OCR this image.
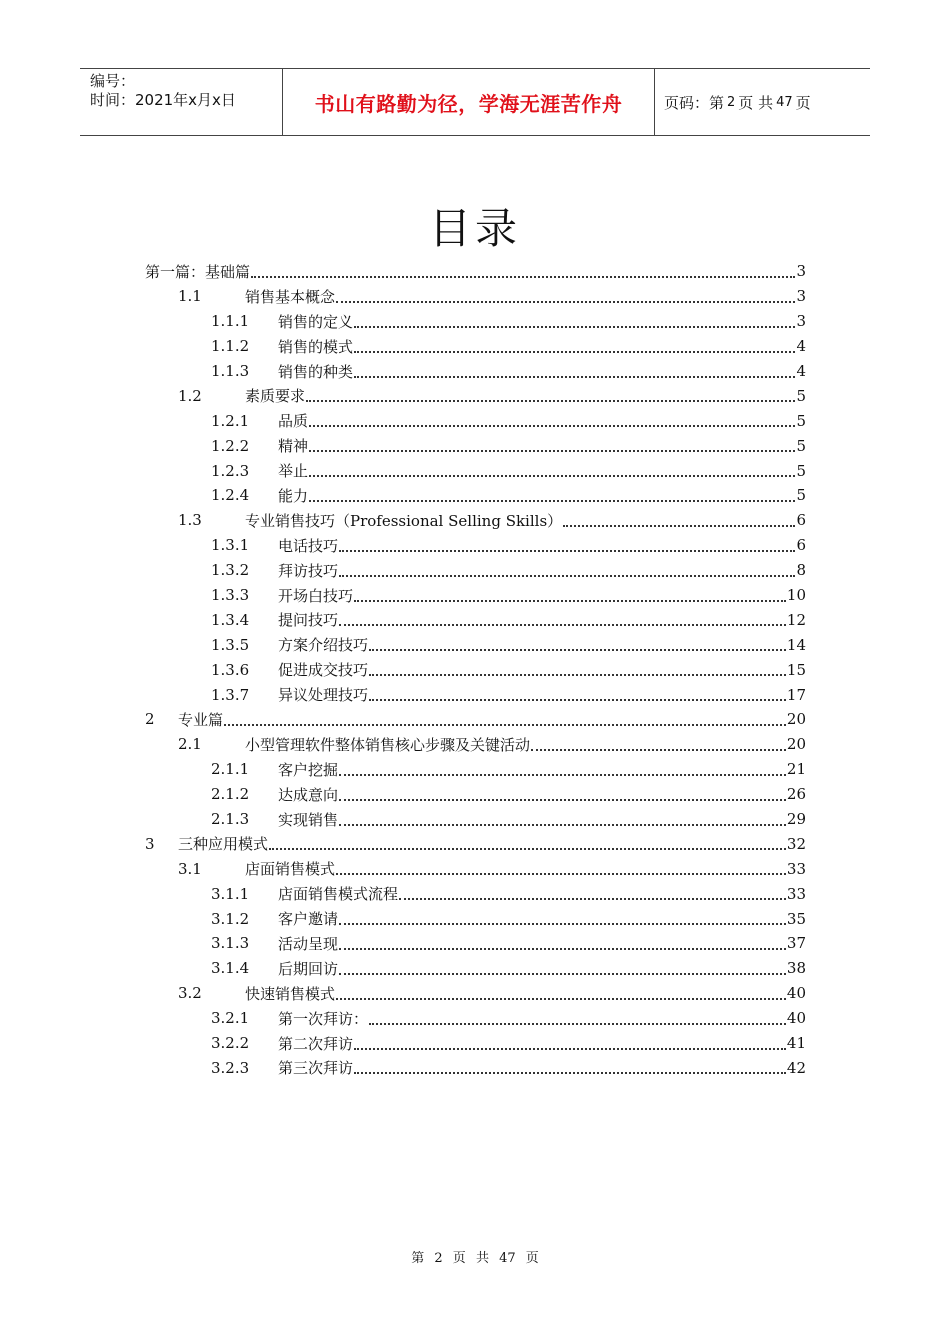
编号：
时间：2021年x月x日	书山有路勤为径，学海无涯苦作舟	页码：第 2 页 共 47 页
目录
第一篇：基础篇	3
1.1	销售基本概念	3
1.1.1 销售的定义	3
1.1.2 销售的模式	4
1.1.3 销售的种类	4
1.2	素质要求	5
1.2.1 品质	5
1.2.2 精神	5
1.2.3 举止	5
1.2.4 能力	5
1.3	专业销售技巧（Professional Selling Skills）	6
1.3.1 电话技巧	6
1.3.2 拜访技巧	8
1.3.3 开场白技巧	10
1.3.4 提问技巧	12
1.3.5 方案介绍技巧	14
1.3.6 促进成交技巧	15
1.3.7 异议处理技巧	17
2 专业篇	20
2.1	小型管理软件整体销售核心步骤及关键活动	20
2.1.1 客户挖掘	21
2.1.2 达成意向	26
2.1.3 实现销售	29
3 三种应用模式	32
3.1	店面销售模式	33
3.1.1 店面销售模式流程	33
3.1.2 客户邀请	35
3.1.3 活动呈现	37
3.1.4 后期回访	38
3.2	快速销售模式	40
3.2.1 第一次拜访：	40
3.2.2 第二次拜访	41
3.2.3 第三次拜访	42
第 2 页 共 47 页
